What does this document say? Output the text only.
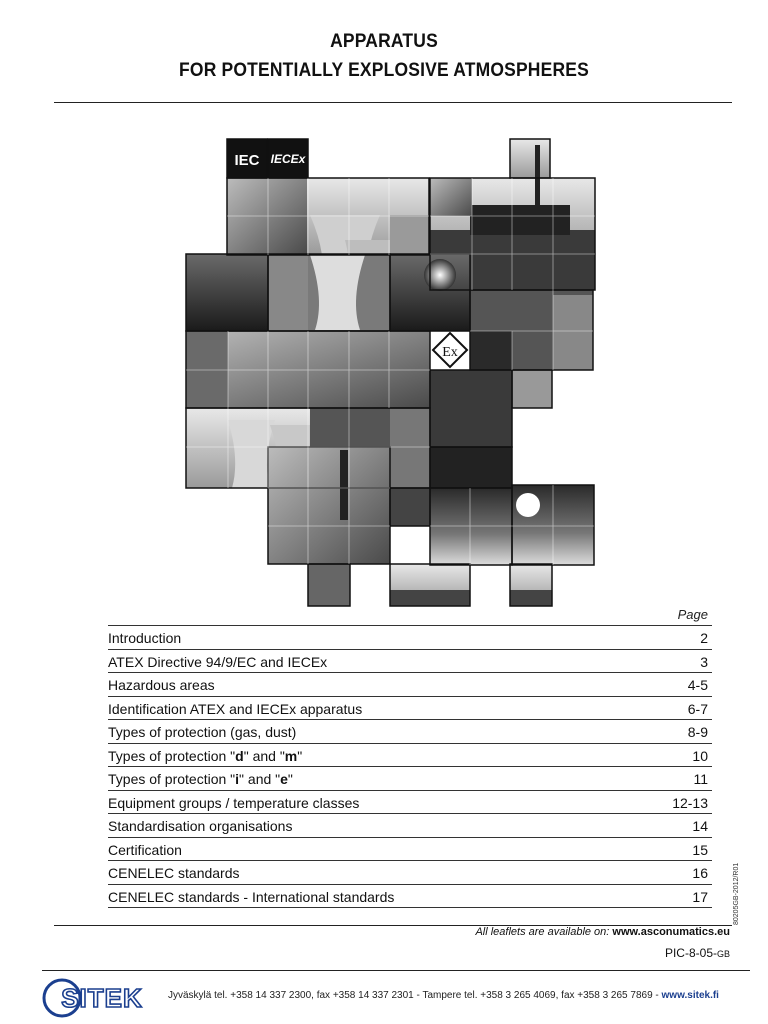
APPARATUS
FOR POTENTIALLY EXPLOSIVE ATMOSPHERES
IEC IECEx
Ex
Page
Introduction	2
ATEX Directive 94/9/EC and IECEx	3
Hazardous areas	4-5
Identification ATEX and IECEx apparatus	6-7
Types of protection (gas, dust)	8-9
Types of protection "d" and "m"	10
Types of protection "i" and "e"	11
Equipment groups / temperature classes	12-13
Standardisation organisations	14
Certification	15
CENELEC standards	16
CENELEC standards - International standards	17	80205GB-2012/R01
All leaflets are available on: www.asconumatics.eu
PIC-8-05-GB
SITEK	Jyväskylä tel. +358 14 337 2300, fax +358 14 337 2301 - Tampere tel. +358 3 265 4069, fax +358 3 265 7869 - www.sitek.fi
